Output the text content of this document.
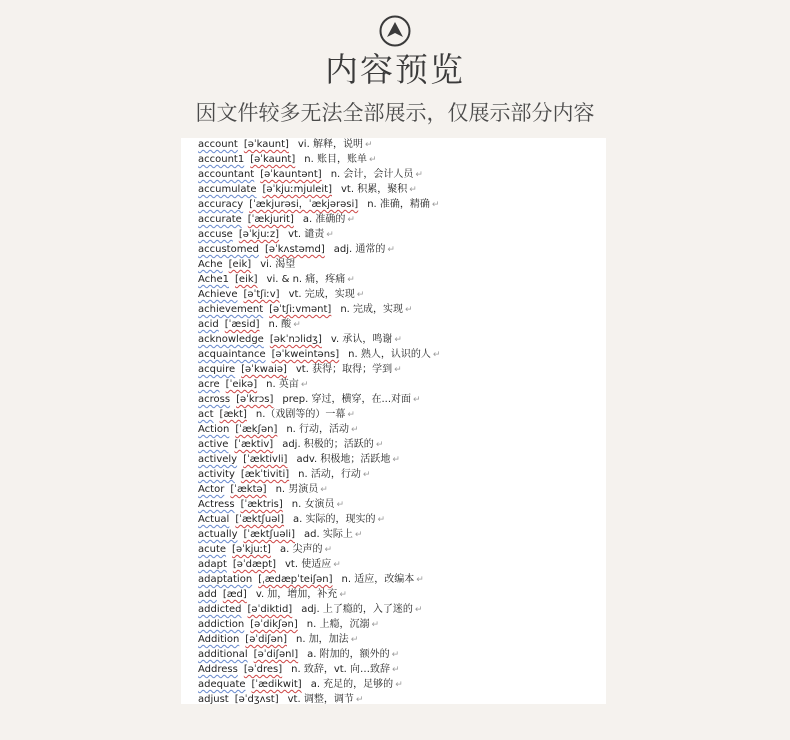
内容预览
因文件较多无法全部展示，仅展示部分内容
account [əˈkaunt] vi. 解释，说明 ↵
account1 [əˈkaunt] n. 账目，账单 ↵
accountant [əˈkauntənt] n. 会计，会计人员 ↵
accumulate [əˈkjuːmjuleit] vt. 积累，聚积 ↵
accuracy [ˈækjurəsi，ˈækjərəsi] n. 准确，精确 ↵
accurate [ˈækjurit] a. 准确的 ↵
accuse [əˈkjuːz] vt. 谴责 ↵
accustomed [əˈkʌstəmd] adj. 通常的 ↵
Ache [eik] vi. 渴望
Ache1 [eik] vi. & n. 痛，疼痛 ↵
Achieve [əˈtʃiːv] vt. 完成，实现 ↵
achievement [əˈtʃiːvmənt] n. 完成，实现 ↵
acid [ˈæsid] n. 酸 ↵
acknowledge [əkˈnɔlidʒ] v. 承认，鸣谢 ↵
acquaintance [əˈkweintəns] n. 熟人，认识的人 ↵
acquire [əˈkwaiə] vt. 获得；取得；学到 ↵
acre [ˈeikə] n. 英亩 ↵
across [əˈkrɔs] prep. 穿过，横穿，在...对面 ↵
act [ækt] n.（戏剧等的）一幕 ↵
Action [ˈækʃən] n. 行动，活动 ↵
active [ˈæktiv] adj. 积极的；活跃的 ↵
actively [ˈæktivli] adv. 积极地；活跃地 ↵
activity [ækˈtiviti] n. 活动，行动 ↵
Actor [ˈæktə] n. 男演员 ↵
Actress [ˈæktris] n. 女演员 ↵
Actual [ˈæktʃuəl] a. 实际的，现实的 ↵
actually [ˈæktʃuəli] ad. 实际上 ↵
acute [əˈkjuːt] a. 尖声的 ↵
adapt [əˈdæpt] vt. 使适应 ↵
adaptation [ˌædæpˈteiʃən] n. 适应，改编本 ↵
add [æd] v. 加，增加，补充 ↵
addicted [əˈdiktid] adj. 上了瘾的，入了迷的 ↵
addiction [əˈdikʃən] n. 上瘾，沉溺 ↵
Addition [əˈdiʃən] n. 加，加法 ↵
additional [əˈdiʃənl] a. 附加的，额外的 ↵
Address [əˈdres] n. 致辞，vt. 向…致辞 ↵
adequate [ˈædikwit] a. 充足的，足够的 ↵
adjust [əˈdʒʌst] vt. 调整，调节 ↵
